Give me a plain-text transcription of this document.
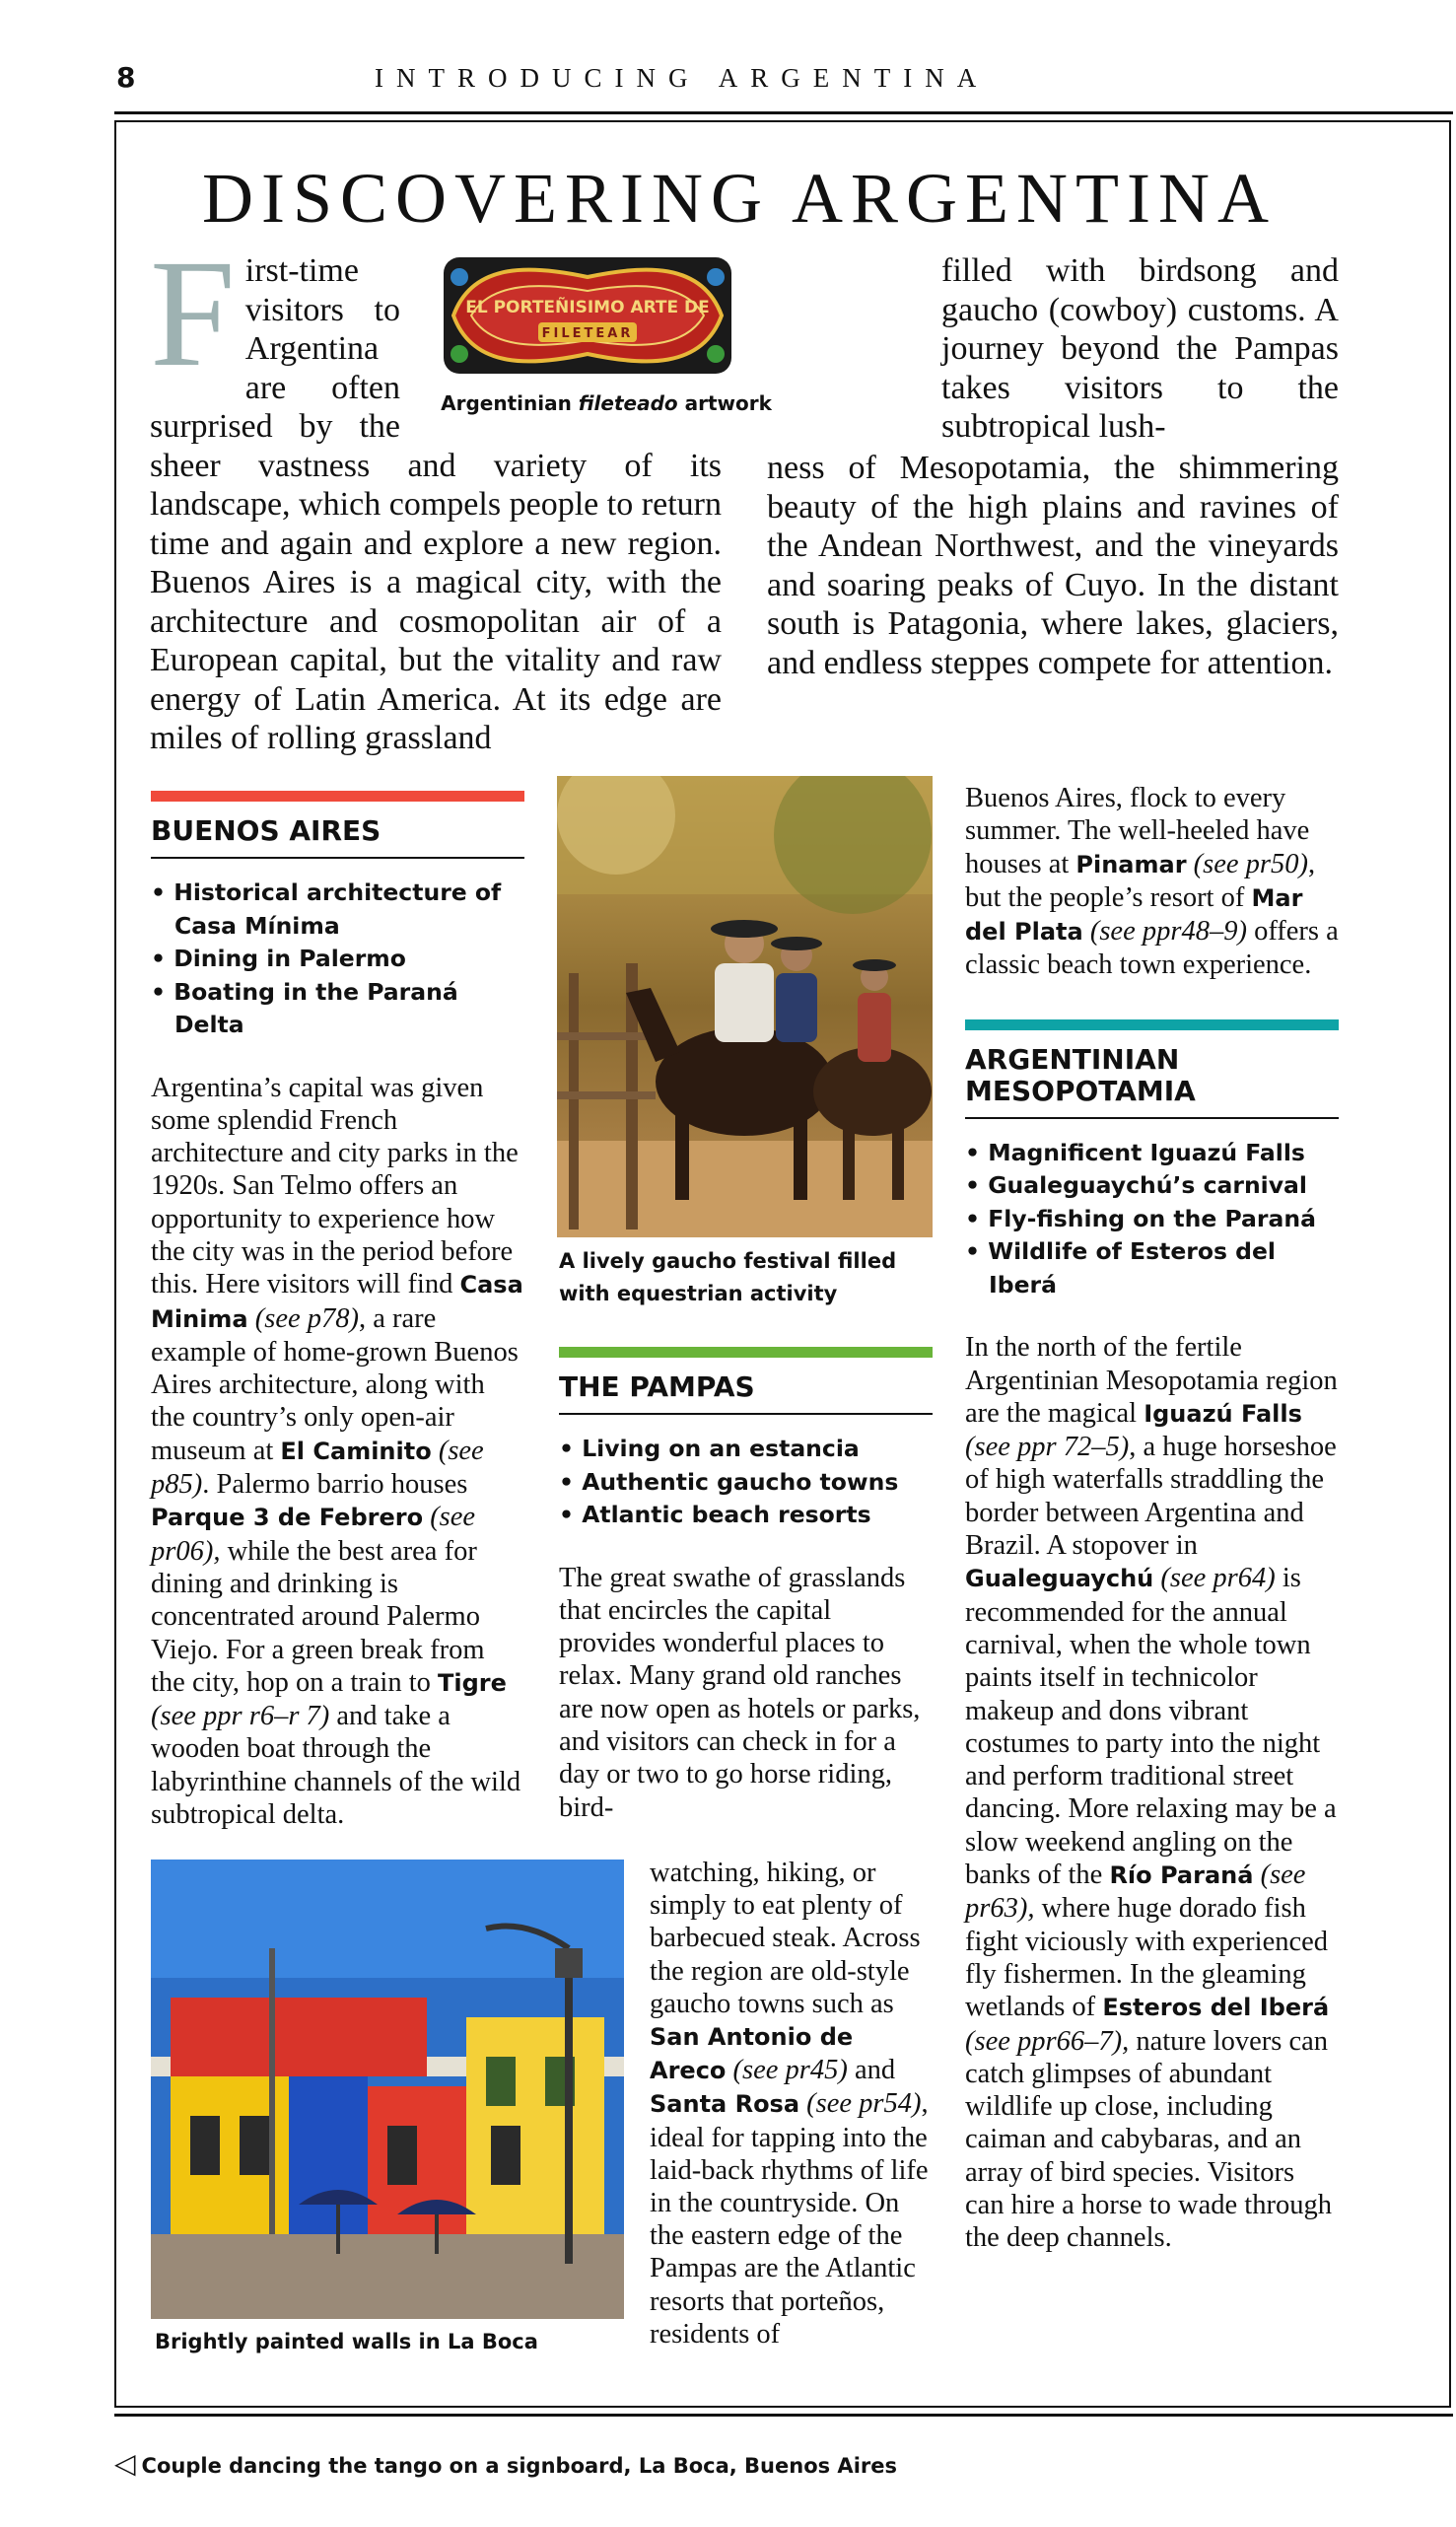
8	INTRODUCING ARGENTINA
DISCOVERING ARGENTINA

F	EL PORTEÑISIMO ARTE DE
FILETEAR
Argentinian fileteado artwork
irst-time visitors to Argentina are often surprised by the sheer vastness and variety of its landscape, which compels people to return time and again and explore a new region. Buenos Aires is a magical city, with the architecture and cosmopolitan air of a European capital, but the vitality and raw energy of Latin America. At its edge are miles of rolling grassland

filled with birdsong and gaucho (cowboy) customs. A journey beyond the Pampas takes visitors to the subtropical lush-

ness of Mesopotamia, the shimmering beauty of the high plains and ravines of the Andean Northwest, and the vineyards and soaring peaks of Cuyo. In the distant south is Patagonia, where lakes, glaciers, and endless steppes compete for attention.

BUENOS AIRES
• Historical architecture of Casa Mínima
• Dining in Palermo
• Boating in the Paraná Delta

Argentina’s capital was given some splendid French architecture and city parks in the 1920s. San Telmo offers an opportunity to experience how the city was in the period before this. Here visitors will find Casa Minima (see p78), a rare example of home-grown Buenos Aires architecture, along with the country’s only open-air museum at El Caminito (see p85). Palermo barrio houses Parque 3 de Febrero (see pr06), while the best area for dining and drinking is concentrated around Palermo Viejo. For a green break from the city, hop on a train to Tigre (see ppr r6–r 7) and take a wooden boat through the labyrinthine channels of the wild subtropical delta.

A lively gaucho festival filled with equestrian activity
THE PAMPAS
• Living on an estancia
• Authentic gaucho towns
• Atlantic beach resorts

The great swathe of grasslands that encircles the capital provides wonderful places to relax. Many grand old ranches are now open as hotels or parks, and visitors can check in for a day or two to go horse riding, bird-

Brightly painted walls in La Boca

watching, hiking, or simply to eat plenty of barbecued steak. Across the region are old-style gaucho towns such as San Antonio de Areco (see pr45) and Santa Rosa (see pr54), ideal for tapping into the laid-back rhythms of life in the countryside. On the eastern edge of the Pampas are the Atlantic resorts that porteños, residents of

Buenos Aires, flock to every summer. The well-heeled have houses at Pinamar (see pr50), but the people’s resort of Mar del Plata (see ppr48–9) offers a classic beach town experience.

ARGENTINIAN MESOPOTAMIA
• Magnificent Iguazú Falls
• Gualeguaychú’s carnival
• Fly-fishing on the Paraná
• Wildlife of Esteros del Iberá

In the north of the fertile Argentinian Mesopotamia region are the magical Iguazú Falls (see ppr 72–5), a huge horseshoe of high waterfalls straddling the border between Argentina and Brazil. A stopover in Gualeguaychú (see pr64) is recommended for the annual carnival, when the whole town paints itself in technicolor makeup and dons vibrant costumes to party into the night and perform traditional street dancing. More relaxing may be a slow weekend angling on the banks of the Río Paraná (see pr63), where huge dorado fish fight viciously with experienced fly fishermen. In the gleaming wetlands of Esteros del Iberá (see ppr66–7), nature lovers can catch glimpses of abundant wildlife up close, including caiman and cabybaras, and an array of bird species. Visitors can hire a horse to wade through the deep channels.

◁ Couple dancing the tango on a signboard, La Boca, Buenos Aires
